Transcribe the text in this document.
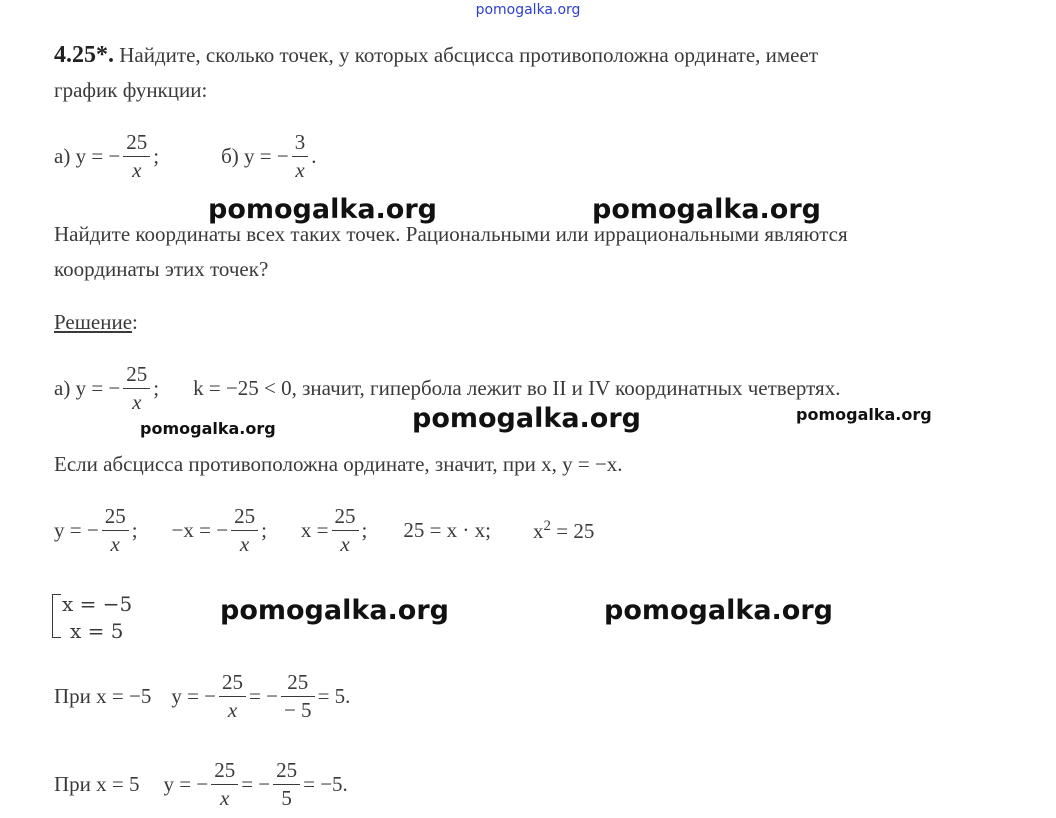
pomogalka.org
4.25*. Найдите, сколько точек, у которых абсцисса противоположна ординате, имеет
график функции:
а) y = − $\frac{25}{x}$ ;	б) y = − $\frac{3}{x}$ .
pomogalka.org	pomogalka.org
Найдите координаты всех таких точек. Рациональными или иррациональными являются
координаты этих точек?
Решение:
а) y = − $\frac{25}{x}$ ; k = −25 < 0, значит, гипербола лежит во II и IV координатных четвертях.
pomogalka.org	pomogalka.org	pomogalka.org
Если абсцисса противоположна ординате, значит, при x, y = −x.
y = − $\frac{25}{x}$ ; −x = − $\frac{25}{x}$ ; $x = \frac{25}{x}$ ; 25 = x · x; $x^2 = 25$
x = −5
x = 5
pomogalka.org	pomogalka.org
При x = −5 y = − $\frac{25}{x}$ = − $\frac{25}{- 5} = 5$.
При x = 5 y = − $\frac{25}{x}$ = − $\frac{25}{5} = -5$.
